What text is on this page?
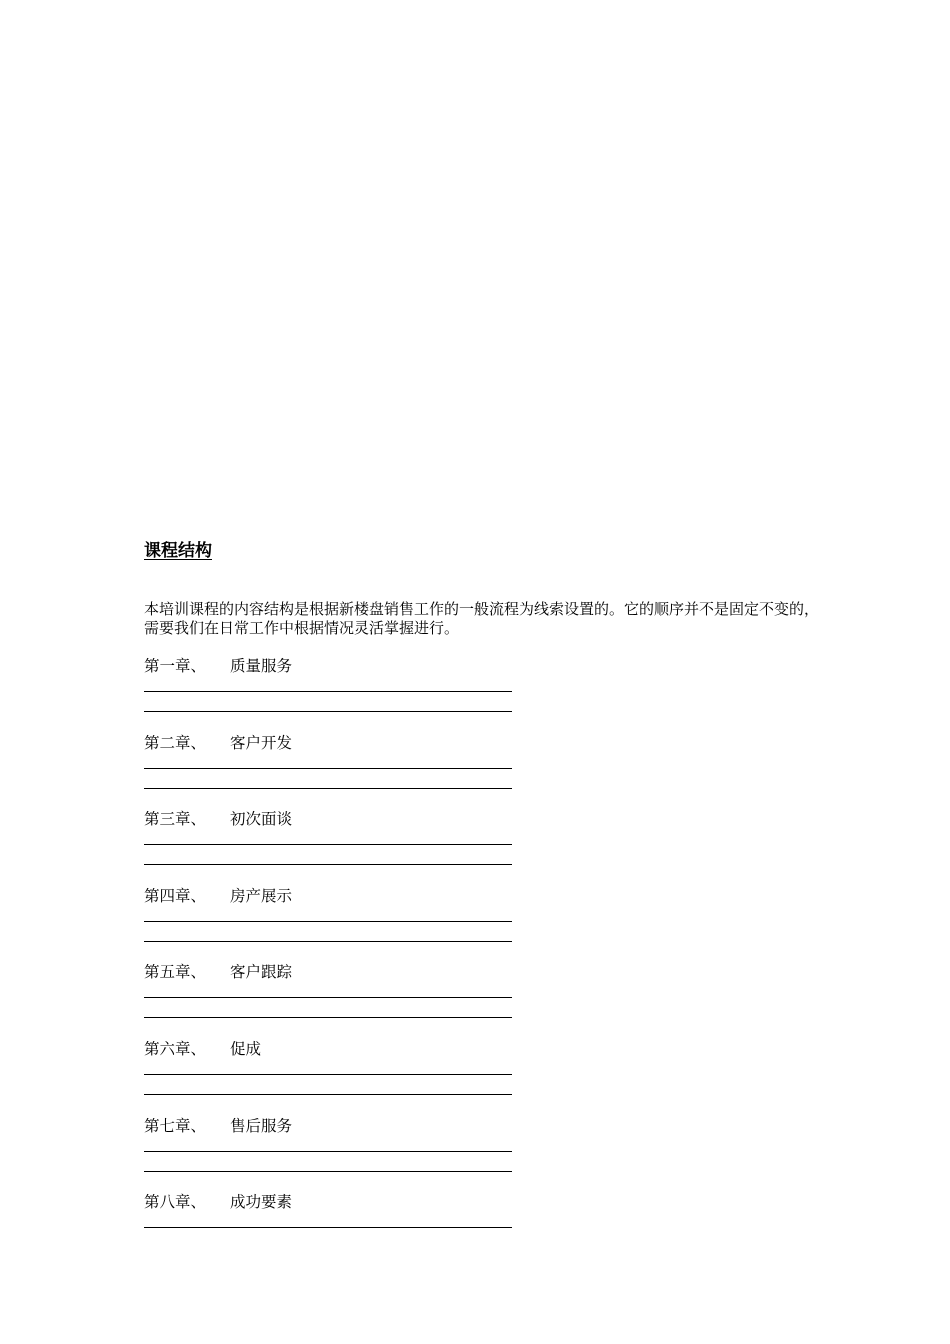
课程结构
本培训课程的内容结构是根据新楼盘销售工作的一般流程为线索设置的。它的顺序并不是固定不变的，需要我们在日常工作中根据情况灵活掌握进行。
第一章、 质量服务
第二章、 客户开发
第三章、 初次面谈
第四章、 房产展示
第五章、 客户跟踪
第六章、 促成
第七章、 售后服务
第八章、 成功要素
